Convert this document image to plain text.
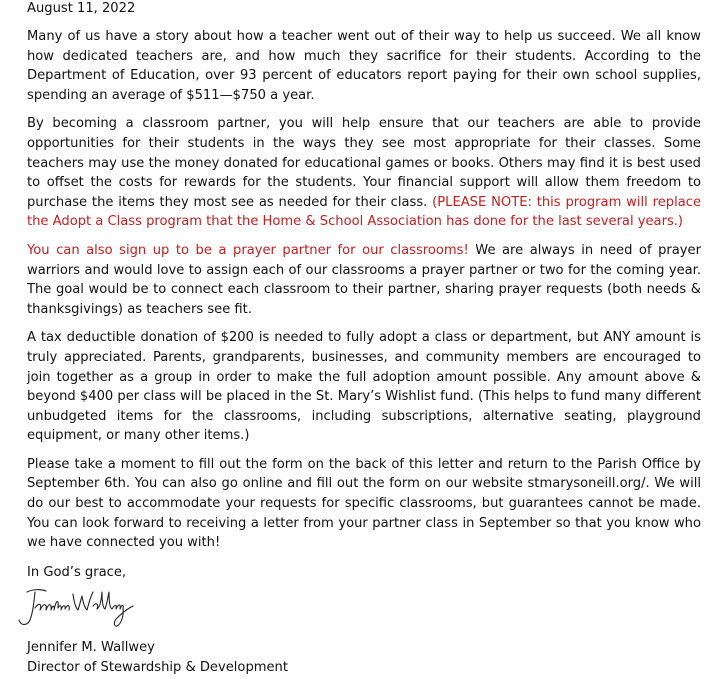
August 11, 2022

Many of us have a story about how a teacher went out of their way to help us succeed. We all know how dedicated teachers are, and how much they sacrifice for their students. According to the Department of Education, over 93 percent of educators report paying for their own school supplies, spending an average of $511—$750 a year.

By becoming a classroom partner, you will help ensure that our teachers are able to provide opportunities for their students in the ways they see most appropriate for their classes. Some teachers may use the money donated for educational games or books. Others may find it is best used to offset the costs for rewards for the students. Your financial support will allow them freedom to purchase the items they most see as needed for their class. (PLEASE NOTE: this program will replace the Adopt a Class program that the Home & School Association has done for the last several years.)

You can also sign up to be a prayer partner for our classrooms! We are always in need of prayer warriors and would love to assign each of our classrooms a prayer partner or two for the coming year. The goal would be to connect each classroom to their partner, sharing prayer requests (both needs & thanksgivings) as teachers see fit.

A tax deductible donation of $200 is needed to fully adopt a class or department, but ANY amount is truly appreciated. Parents, grandparents, businesses, and community members are encouraged to join together as a group in order to make the full adoption amount possible. Any amount above & beyond $400 per class will be placed in the St. Mary’s Wishlist fund. (This helps to fund many different unbudgeted items for the classrooms, including subscriptions, alternative seating, playground equipment, or many other items.)

Please take a moment to fill out the form on the back of this letter and return to the Parish Office by September 6th. You can also go online and fill out the form on our website stmarysoneill.org/. We will do our best to accommodate your requests for specific classrooms, but guarantees cannot be made. You can look forward to receiving a letter from your partner class in September so that you know who we have connected you with!

In God’s grace,

Jennifer M. Wallwey
Director of Stewardship & Development
